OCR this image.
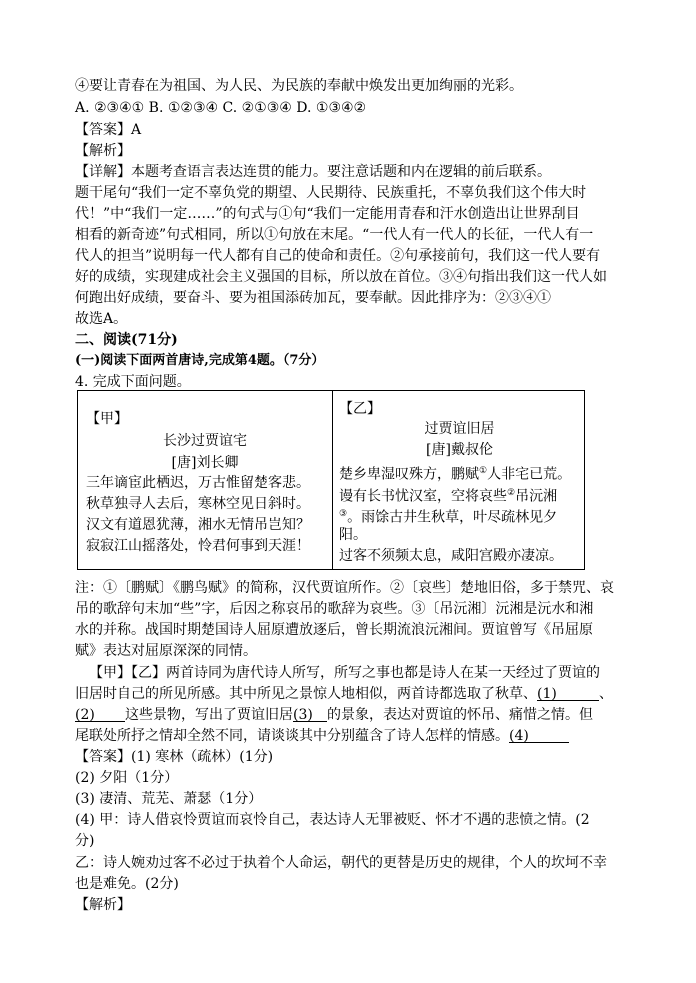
④要让青春在为祖国、为人民、为民族的奉献中焕发出更加绚丽的光彩。
A. ②③④① B. ①②③④ C. ②①③④ D. ①③④②
【答案】A
【解析】
【详解】本题考查语言表达连贯的能力。要注意话题和内在逻辑的前后联系。
题干尾句“我们一定不辜负党的期望、人民期待、民族重托，不辜负我们这个伟大时
代！”中“我们一定……”的句式与①句“我们一定能用青春和汗水创造出让世界刮目
相看的新奇迹”句式相同，所以①句放在末尾。“一代人有一代人的长征，一代人有一
代人的担当”说明每一代人都有自己的使命和责任。②句承接前句，我们这一代人要有
好的成绩，实现建成社会主义强国的目标，所以放在首位。③④句指出我们这一代人如
何跑出好成绩，要奋斗、要为祖国添砖加瓦，要奉献。因此排序为：②③④①
故选A。
二、阅读(71分)
(一)阅读下面两首唐诗,完成第4题。（7分）
4. 完成下面问题。
【甲】
长沙过贾谊宅
[唐]刘长卿
三年谪宦此栖迟，万古惟留楚客悲。
秋草独寻人去后，寒林空见日斜时。
汉文有道恩犹薄，湘水无情吊岂知？
寂寂江山摇落处，怜君何事到天涯！
【乙】
过贾谊旧居
[唐]戴叔伦
楚乡卑湿叹殊方，鹏赋①人非宅已荒。
谩有长书忧汉室，空将哀些②吊沅湘
③。雨馀古井生秋草，叶尽疏林见夕
阳。
过客不须频太息，咸阳宫殿亦凄凉。
注：①〔鹏赋〕《鹏鸟赋》的简称，汉代贾谊所作。②〔哀些〕楚地旧俗，多于禁咒、哀
吊的歌辞句末加“些”字，后因之称哀吊的歌辞为哀些。③〔吊沅湘〕沅湘是沅水和湘
水的并称。战国时期楚国诗人屈原遭放逐后，曾长期流浪沅湘间。贾谊曾写《吊屈原
赋》表达对屈原深深的同情。
【甲】【乙】两首诗同为唐代诗人所写，所写之事也都是诗人在某一天经过了贾谊的
旧居时自己的所见所感。其中所见之景惊人地相似，两首诗都选取了秋草、(1)	、
(2) 这些景物，写出了贾谊旧居(3) 的景象，表达对贾谊的怀吊、痛惜之情。但
尾联处所抒之情却全然不同，请谈谈其中分别蕴含了诗人怎样的情感。(4)
【答案】(1) 寒林（疏林）(1分)
(2) 夕阳（1分）
(3) 凄清、荒芜、萧瑟（1分）
(4) 甲：诗人借哀怜贾谊而哀怜自己，表达诗人无罪被贬、怀才不遇的悲愤之情。(2
分)
乙：诗人婉劝过客不必过于执着个人命运，朝代的更替是历史的规律，个人的坎坷不幸
也是难免。(2分)
【解析】
